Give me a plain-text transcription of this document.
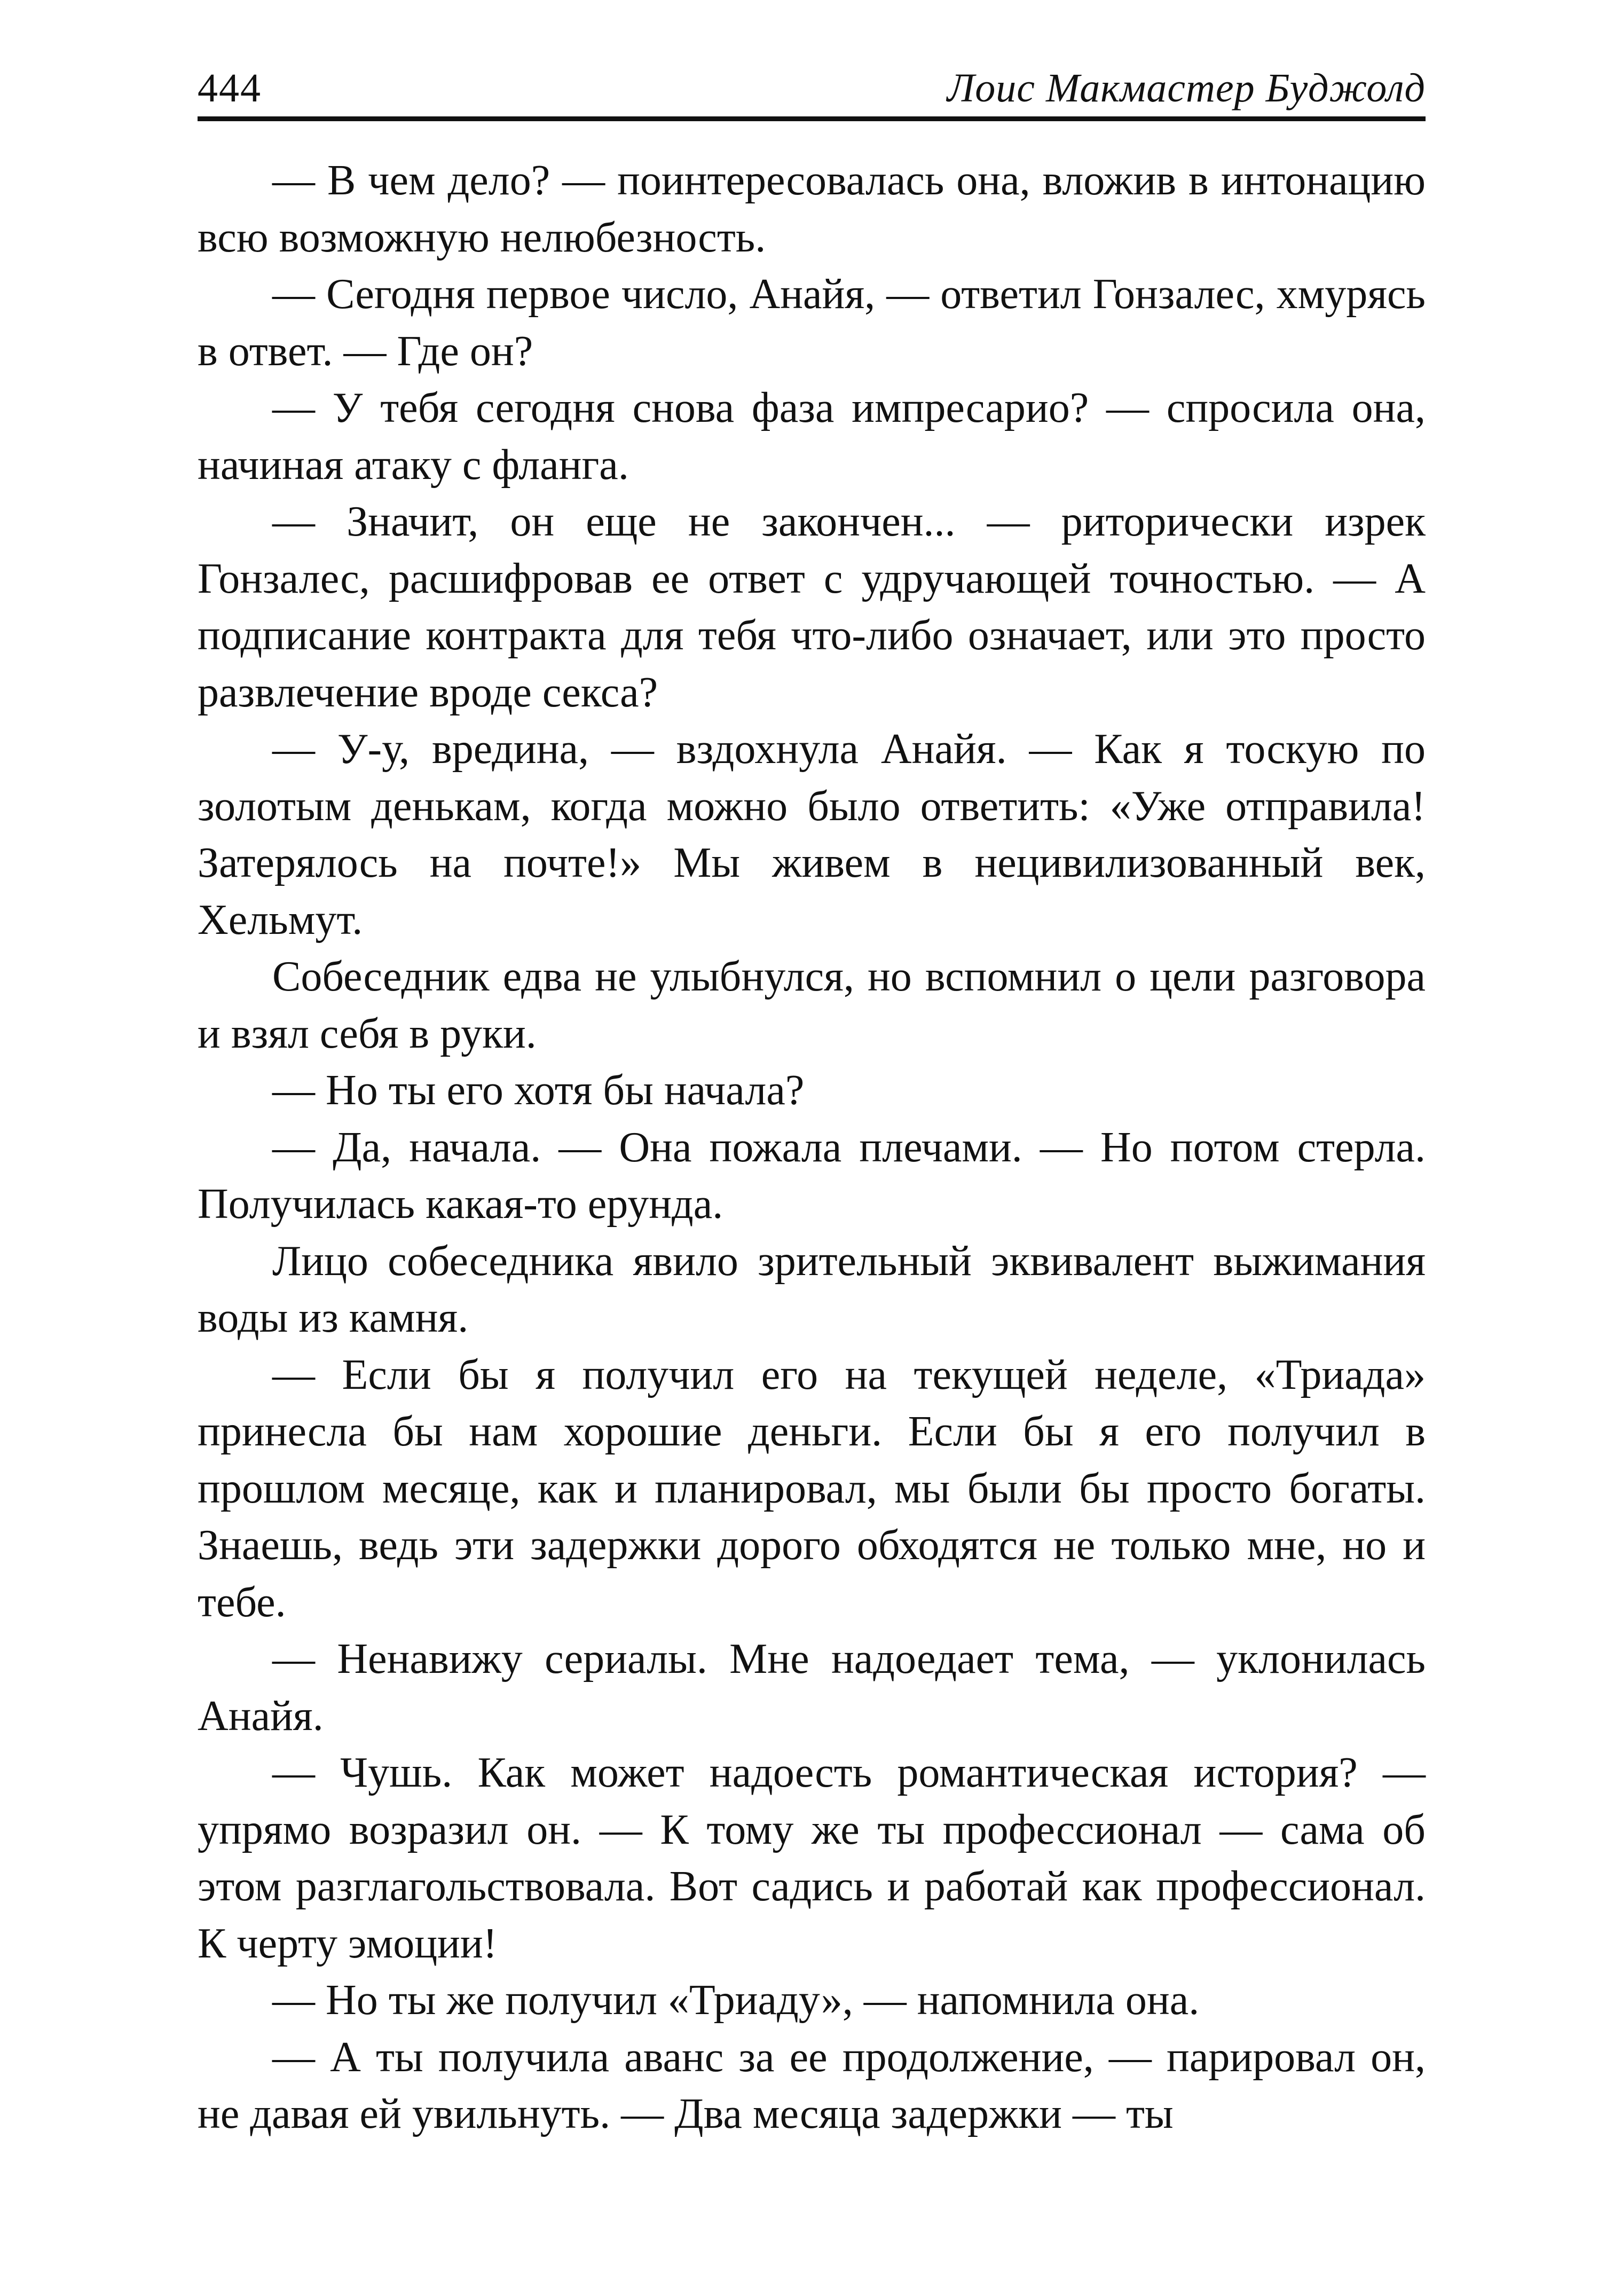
444	Лоис Макмастер Буджолд

— В чем дело? — поинтересовалась она, вложив в интонацию всю возможную нелюбезность.

— Сегодня первое число, Анайя, — ответил Гонзалес, хмурясь в ответ. — Где он?

— У тебя сегодня снова фаза импресарио? — спросила она, начиная атаку с фланга.

— Значит, он еще не закончен... — риторически изрек Гонзалес, расшифровав ее ответ с удручающей точностью. — А подписание контракта для тебя что-либо означает, или это просто развлечение вроде секса?

— У-у, вредина, — вздохнула Анайя. — Как я тоскую по золотым денькам, когда можно было ответить: «Уже отправила! Затерялось на почте!» Мы живем в нецивилизованный век, Хельмут.

Собеседник едва не улыбнулся, но вспомнил о цели разговора и взял себя в руки.

— Но ты его хотя бы начала?

— Да, начала. — Она пожала плечами. — Но потом стерла. Получилась какая-то ерунда.

Лицо собеседника явило зрительный эквивалент выжимания воды из камня.

— Если бы я получил его на текущей неделе, «Триада» принесла бы нам хорошие деньги. Если бы я его получил в прошлом месяце, как и планировал, мы были бы просто богаты. Знаешь, ведь эти задержки дорого обходятся не только мне, но и тебе.

— Ненавижу сериалы. Мне надоедает тема, — уклонилась Анайя.

— Чушь. Как может надоесть романтическая история? — упрямо возразил он. — К тому же ты профессионал — сама об этом разглагольствовала. Вот садись и работай как профессионал. К черту эмоции!

— Но ты же получил «Триаду», — напомнила она.

— А ты получила аванс за ее продолжение, — парировал он, не давая ей увильнуть. — Два месяца задержки — ты
